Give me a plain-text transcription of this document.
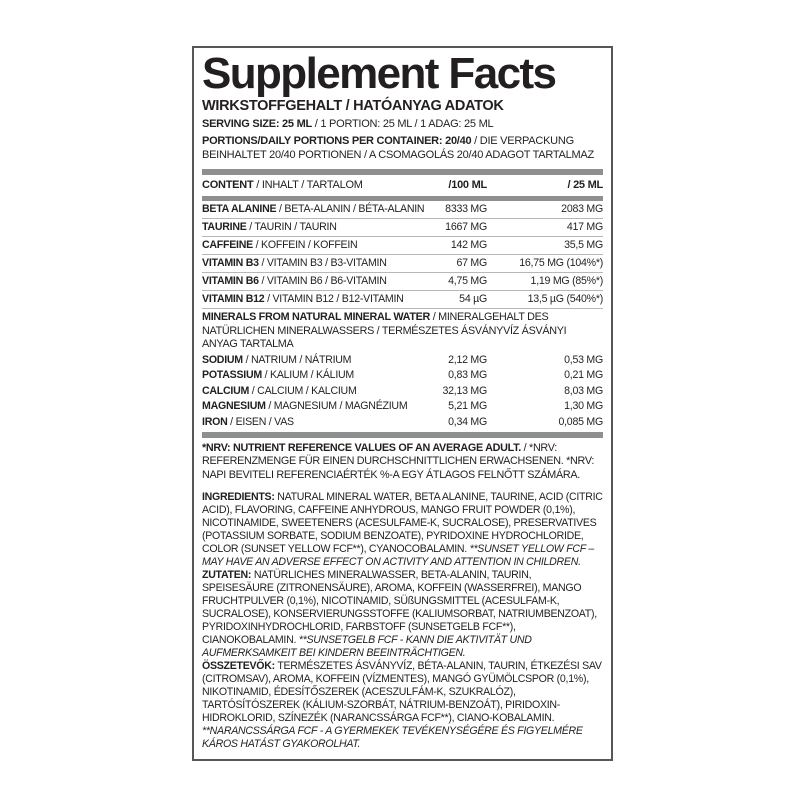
Supplement Facts
WIRKSTOFFGEHALT / HATÓANYAG ADATOK
SERVING SIZE: 25 ML / 1 PORTION: 25 ML / 1 ADAG: 25 ML
PORTIONS/DAILY PORTIONS PER CONTAINER: 20/40 / DIE VERPACKUNG BEINHALTET 20/40 PORTIONEN / A CSOMAGOLÁS 20/40 ADAGOT TARTALMAZ
CONTENT / INHALT / TARTALOM	/100 ML	/ 25 ML
BETA ALANINE / BETA-ALANIN / BÉTA-ALANIN	8333 MG	2083 MG
TAURINE / TAURIN / TAURIN	1667 MG	417 MG
CAFFEINE / KOFFEIN / KOFFEIN	142 MG	35,5 MG
VITAMIN B3 / VITAMIN B3 / B3-VITAMIN	67 MG	16,75 MG (104%*)
VITAMIN B6 / VITAMIN B6 / B6-VITAMIN	4,75 MG	1,19 MG (85%*)
VITAMIN B12 / VITAMIN B12 / B12-VITAMIN	54 µG	13,5 µG (540%*)
MINERALS FROM NATURAL MINERAL WATER / MINERALGEHALT DES NATÜRLICHEN MINERALWASSERS / TERMÉSZETES ÁSVÁNYVÍZ ÁSVÁNYI ANYAG TARTALMA
SODIUM / NATRIUM / NÁTRIUM	2,12 MG	0,53 MG
POTASSIUM / KALIUM / KÁLIUM	0,83 MG	0,21 MG
CALCIUM / CALCIUM / KALCIUM	32,13 MG	8,03 MG
MAGNESIUM / MAGNESIUM / MAGNÉZIUM	5,21 MG	1,30 MG
IRON / EISEN / VAS	0,34 MG	0,085 MG
*NRV: NUTRIENT REFERENCE VALUES OF AN AVERAGE ADULT. / *NRV: REFERENZMENGE FÜR EINEN DURCHSCHNITTLICHEN ERWACHSENEN. *NRV: NAPI BEVITELI REFERENCIAÉRTÉK %-A EGY ÁTLAGOS FELNŐTT SZÁMÁRA.
INGREDIENTS: NATURAL MINERAL WATER, BETA ALANINE, TAURINE, ACID (CITRIC ACID), FLAVORING, CAFFEINE ANHYDROUS, MANGO FRUIT POWDER (0,1%), NICOTINAMIDE, SWEETENERS (ACESULFAME-K, SUCRALOSE), PRESERVATIVES (POTASSIUM SORBATE, SODIUM BENZOATE), PYRIDOXINE HYDROCHLORIDE, COLOR (SUNSET YELLOW FCF**), CYANOCOBALAMIN. **SUNSET YELLOW FCF – MAY HAVE AN ADVERSE EFFECT ON ACTIVITY AND ATTENTION IN CHILDREN.
ZUTATEN: NATÜRLICHES MINERALWASSER, BETA-ALANIN, TAURIN, SPEISESÄURE (ZITRONENSÄURE), AROMA, KOFFEIN (WASSERFREI), MANGO FRUCHTPULVER (0,1%), NICOTINAMID, SÜßUNGSMITTEL (ACESULFAM-K, SUCRALOSE), KONSERVIERUNGSSTOFFE (KALIUMSORBAT, NATRIUMBENZOAT), PYRIDOXINHYDROCHLORID, FARBSTOFF (SUNSETGELB FCF**), CIANOKOBALAMIN. **SUNSETGELB FCF - KANN DIE AKTIVITÄT UND AUFMERKSAMKEIT BEI KINDERN BEEINTRÄCHTIGEN.
ÖSSZETEVŐK: TERMÉSZETES ÁSVÁNYVÍZ, BÉTA-ALANIN, TAURIN, ÉTKEZÉSI SAV (CITROMSAV), AROMA, KOFFEIN (VÍZMENTES), MANGÓ GYÜMÖLCSPOR (0,1%), NIKOTINAMID, ÉDESÍTŐSZEREK (ACESZULFÁM-K, SZUKRALÓZ), TARTÓSÍTÓSZEREK (KÁLIUM-SZORBÁT, NÁTRIUM-BENZOÁT), PIRIDOXIN-HIDROKLORID, SZÍNEZÉK (NARANCSSÁRGA FCF**), CIANO-KOBALAMIN. **NARANCSSÁRGA FCF - A GYERMEKEK TEVÉKENYSÉGÉRE ÉS FIGYELMÉRE KÁROS HATÁST GYAKOROLHAT.
